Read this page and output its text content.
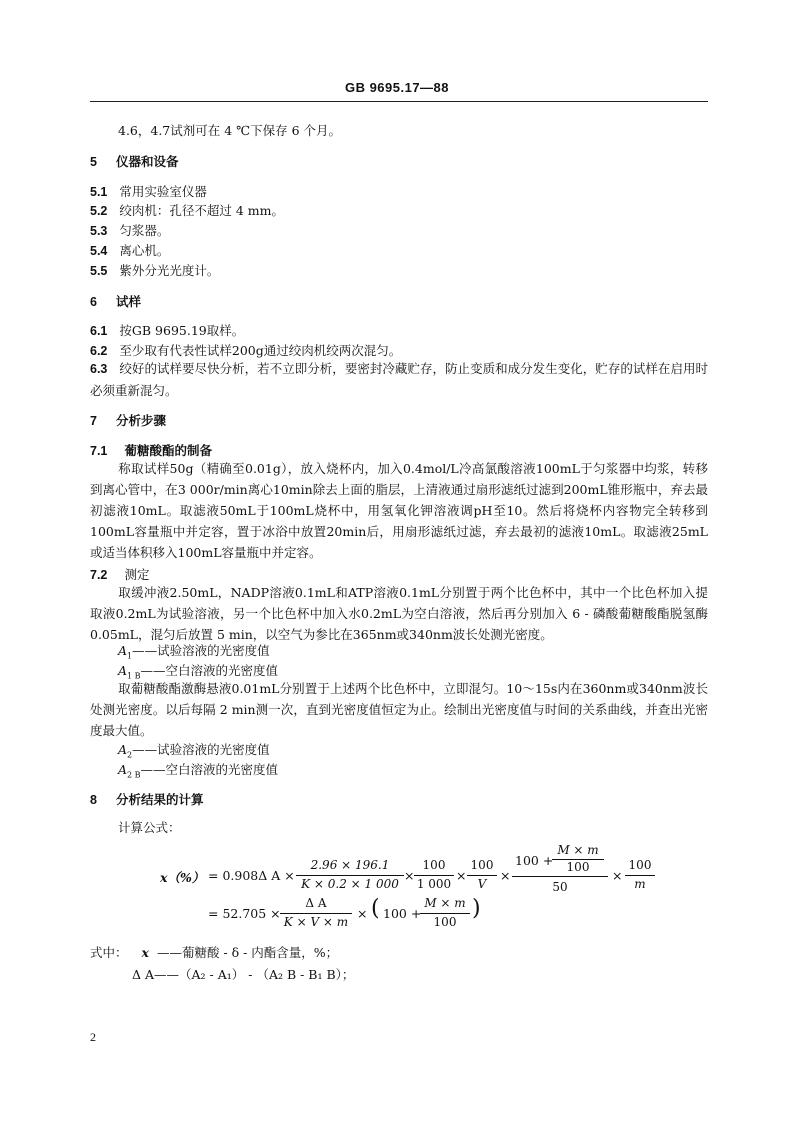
GB 9695.17—88
4.6，4.7试剂可在 4 ℃下保存 6 个月。
5 仪器和设备
5.1 常用实验室仪器
5.2 绞肉机：孔径不超过 4 mm。
5.3 匀浆器。
5.4 离心机。
5.5 紫外分光光度计。
6 试样
6.1 按GB 9695.19取样。
6.2 至少取有代表性试样200g通过绞肉机绞两次混匀。
6.3 绞好的试样要尽快分析，若不立即分析，要密封冷藏贮存，防止变质和成分发生变化，贮存的试样在启用时必须重新混匀。
7 分析步骤
7.1 葡糖酸酯的制备
称取试样50g（精确至0.01g），放入烧杯内，加入0.4mol/L冷高氯酸溶液100mL于匀浆器中均浆，转移到离心管中，在3 000r/min离心10min除去上面的脂层，上清液通过扇形滤纸过滤到200mL锥形瓶中，弃去最初滤液10mL。取滤液50mL于100mL烧杯中，用氢氧化钾溶液调pH至10。然后将烧杯内容物完全转移到100mL容量瓶中并定容，置于冰浴中放置20min后，用扇形滤纸过滤，弃去最初的滤液10mL。取滤液25mL或适当体积移入100mL容量瓶中并定容。
7.2 测定
取缓冲液2.50mL，NADP溶液0.1mL和ATP溶液0.1mL分别置于两个比色杯中，其中一个比色杯加入提取液0.2mL为试验溶液，另一个比色杯中加入水0.2mL为空白溶液，然后再分别加入 6 - 磷酸葡糖酸酯脱氢酶0.05mL，混匀后放置 5 min，以空气为参比在365nm或340nm波长处测光密度。
$A_1——$试验溶液的光密度值
$A_{1 B}——$空白溶液的光密度值
取葡糖酸酯激酶悬液0.01mL分别置于上述两个比色杯中，立即混匀。10～15s内在360nm或340nm波长处测光密度。以后每隔 2 min测一次，直到光密度值恒定为止。绘制出光密度值与时间的关系曲线，并查出光密度最大值。
$A_2——$试验溶液的光密度值
$A_{2 B}——$空白溶液的光密度值
8 分析结果的计算
计算公式：
x（%） = 0.908Δ A ×
2.96 × 196.1
K × 0.2 × 1 000
×
100
1 000
×
100
V
×
100 +
M × m
100
50
×
100
m
= 52.705 ×
Δ A
K × V × m
× ( 100 +
M × m
100
)
式中： x ——葡糖酸 - δ - 内酯含量，%；
Δ A——（A₂ - A₁） - （A₂ B - B₁ B）；
2
